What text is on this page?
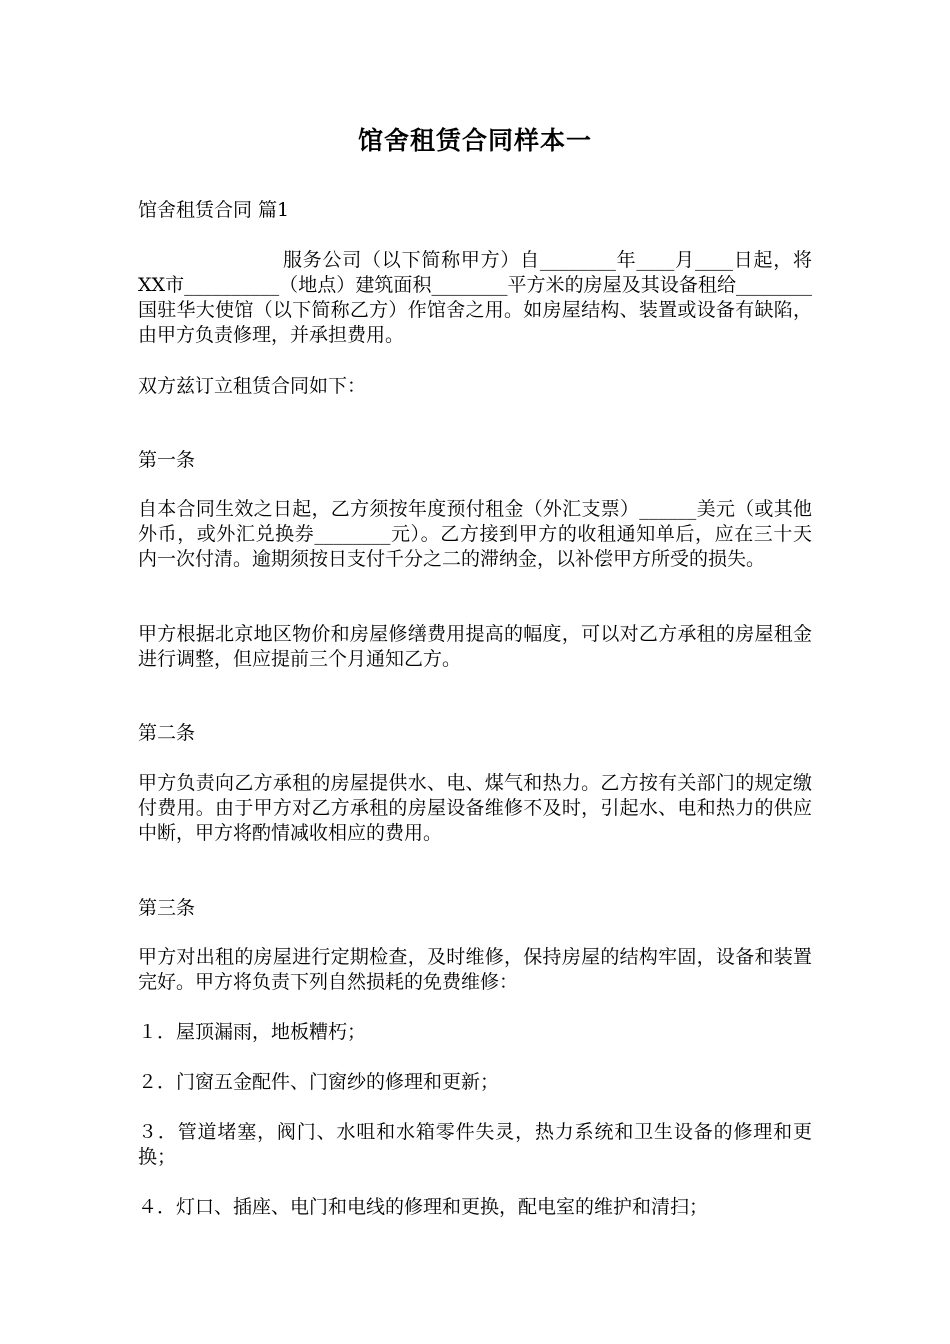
馆舍租赁合同样本一

馆舍租赁合同 篇1

服务公司（以下简称甲方）自________年____月____日起，将XX市__________（地点）建筑面积________平方米的房屋及其设备租给________国驻华大使馆（以下简称乙方）作馆舍之用。如房屋结构、装置或设备有缺陷，由甲方负责修理，并承担费用。

双方兹订立租赁合同如下：

第一条

自本合同生效之日起，乙方须按年度预付租金（外汇支票）______美元（或其他外币，或外汇兑换券________元）。乙方接到甲方的收租通知单后，应在三十天内一次付清。逾期须按日支付千分之二的滞纳金，以补偿甲方所受的损失。

甲方根据北京地区物价和房屋修缮费用提高的幅度，可以对乙方承租的房屋租金进行调整，但应提前三个月通知乙方。

第二条

甲方负责向乙方承租的房屋提供水、电、煤气和热力。乙方按有关部门的规定缴付费用。由于甲方对乙方承租的房屋设备维修不及时，引起水、电和热力的供应中断，甲方将酌情减收相应的费用。

第三条

甲方对出租的房屋进行定期检查，及时维修，保持房屋的结构牢固，设备和装置完好。甲方将负责下列自然损耗的免费维修：

１．屋顶漏雨，地板糟朽；

２．门窗五金配件、门窗纱的修理和更新；

３．管道堵塞，阀门、水咀和水箱零件失灵，热力系统和卫生设备的修理和更换；

４．灯口、插座、电门和电线的修理和更换，配电室的维护和清扫；
